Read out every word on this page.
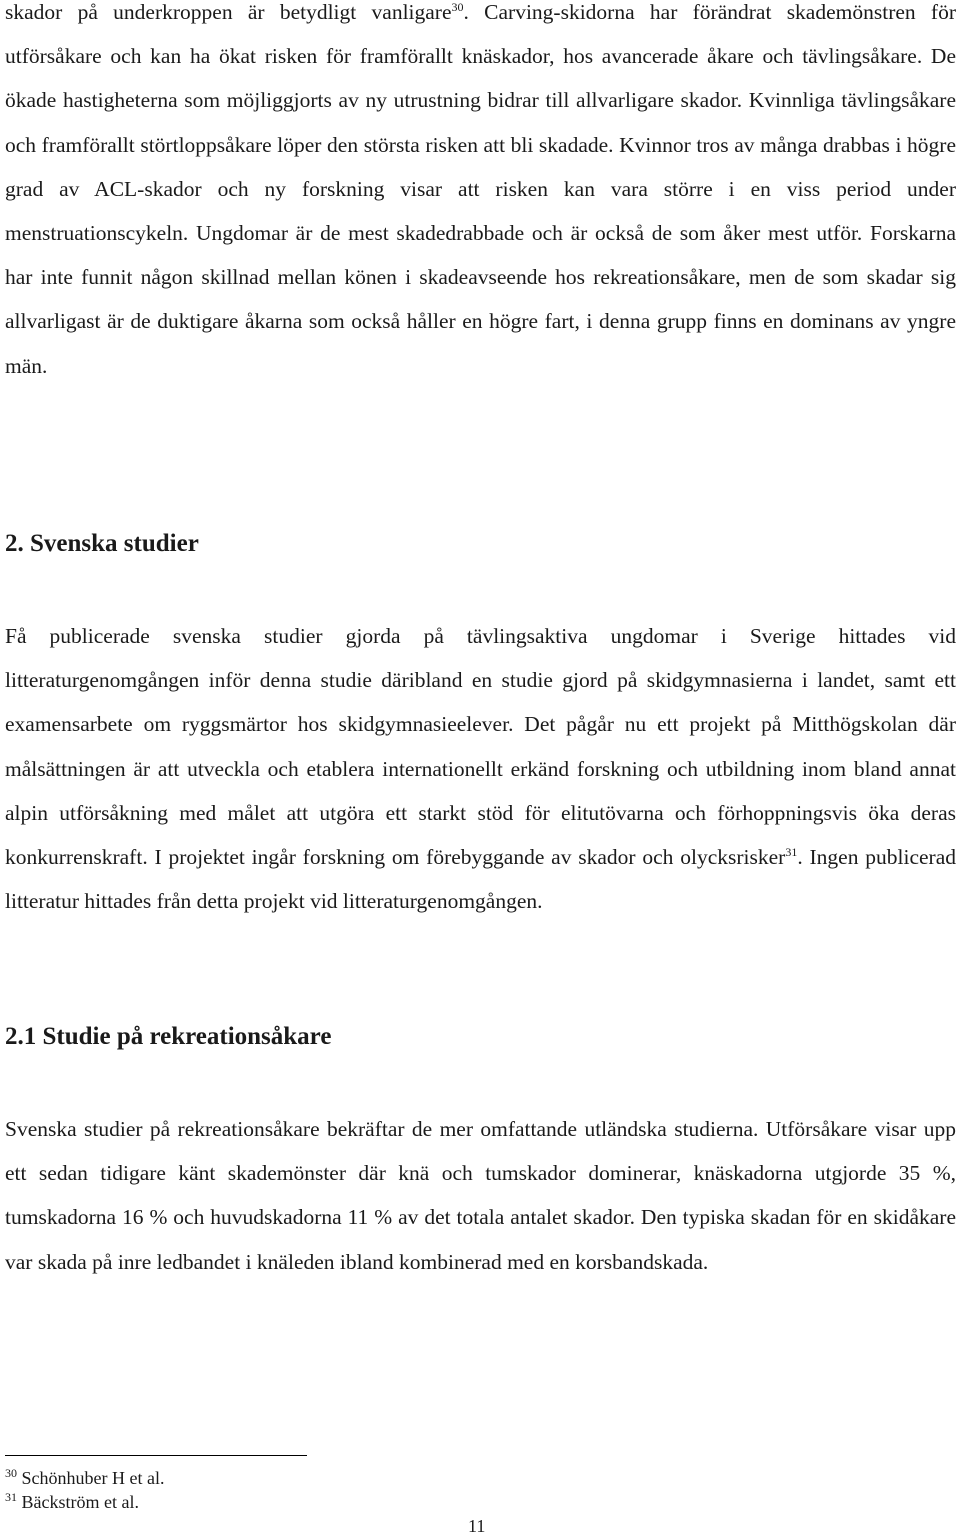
skador på underkroppen är betydligt vanligare$^{30}$. Carving-skidorna har förändrat skademönstren för utförsåkare och kan ha ökat risken för framförallt knäskador, hos avancerade åkare och tävlingsåkare. De ökade hastigheterna som möjliggjorts av ny utrustning bidrar till allvarligare skador. Kvinnliga tävlingsåkare och framförallt störtloppsåkare löper den största risken att bli skadade. Kvinnor tros av många drabbas i högre grad av ACL-skador och ny forskning visar att risken kan vara större i en viss period under menstruationscykeln. Ungdomar är de mest skadedrabbade och är också de som åker mest utför. Forskarna har inte funnit någon skillnad mellan könen i skadeavseende hos rekreationsåkare, men de som skadar sig allvarligast är de duktigare åkarna som också håller en högre fart, i denna grupp finns en dominans av yngre män.

2. Svenska studier

Få publicerade svenska studier gjorda på tävlingsaktiva ungdomar i Sverige hittades vid litteraturgenomgången inför denna studie däribland en studie gjord på skidgymnasierna i landet, samt ett examensarbete om ryggsmärtor hos skidgymnasieelever. Det pågår nu ett projekt på Mitthögskolan där målsättningen är att utveckla och etablera internationellt erkänd forskning och utbildning inom bland annat alpin utförsåkning med målet att utgöra ett starkt stöd för elitutövarna och förhoppningsvis öka deras konkurrenskraft. I projektet ingår forskning om förebyggande av skador och olycksrisker$^{31}$. Ingen publicerad litteratur hittades från detta projekt vid litteraturgenomgången.

2.1 Studie på rekreationsåkare

Svenska studier på rekreationsåkare bekräftar de mer omfattande utländska studierna. Utförsåkare visar upp ett sedan tidigare känt skademönster där knä och tumskador dominerar, knäskadorna utgjorde 35 %, tumskadorna 16 % och huvudskadorna 11 % av det totala antalet skador. Den typiska skadan för en skidåkare var skada på inre ledbandet i knäleden ibland kombinerad med en korsbandskada.

$^{30}$ Schönhuber H et al.

$^{31}$ Bäckström et al.

11
